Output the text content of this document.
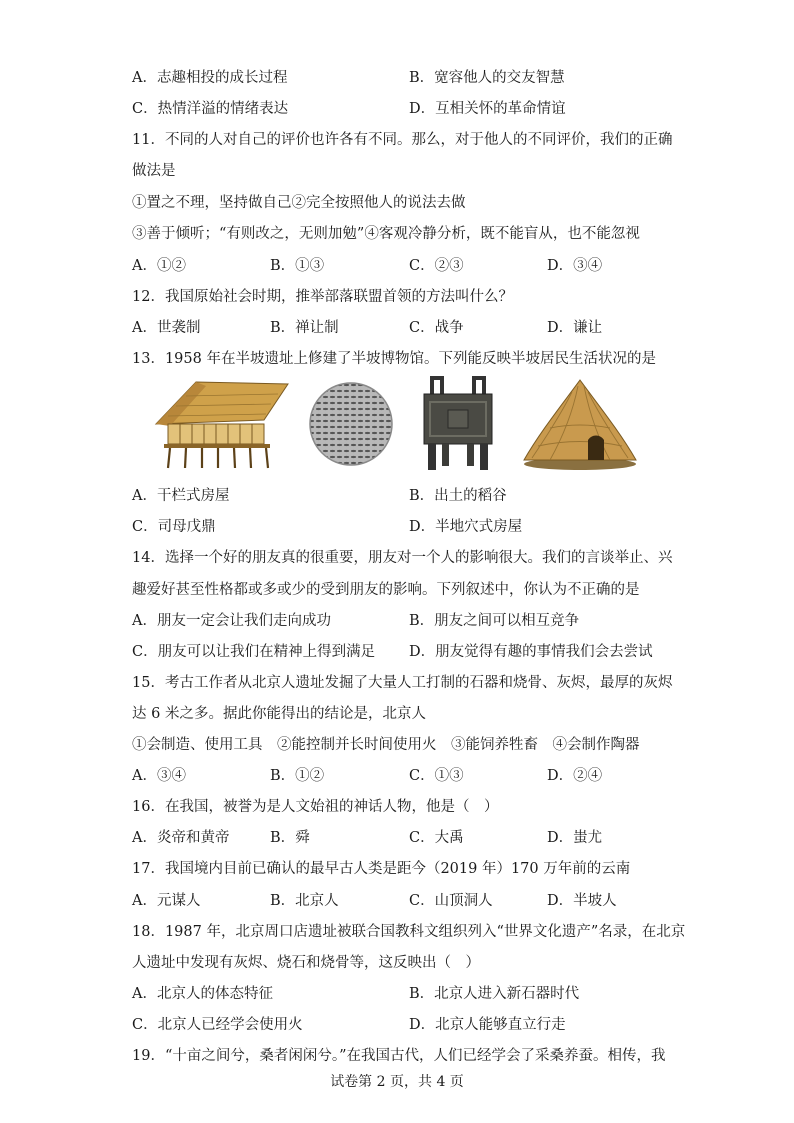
A．志趣相投的成长过程	B．宽容他人的交友智慧
C．热情洋溢的情绪表达	D．互相关怀的革命情谊
11．不同的人对自己的评价也许各有不同。那么，对于他人的不同评价，我们的正确
做法是
①置之不理，坚持做自己②完全按照他人的说法去做
③善于倾听；“有则改之，无则加勉”④客观冷静分析，既不能盲从，也不能忽视
A．①②	B．①③	C．②③	D．③④
12．我国原始社会时期，推举部落联盟首领的方法叫什么？
A．世袭制	B．禅让制	C．战争	D．谦让
13．1958 年在半坡遗址上修建了半坡博物馆。下列能反映半坡居民生活状况的是
A．干栏式房屋	B．出土的稻谷
C．司母戊鼎	D．半地穴式房屋
14．选择一个好的朋友真的很重要，朋友对一个人的影响很大。我们的言谈举止、兴
趣爱好甚至性格都或多或少的受到朋友的影响。下列叙述中，你认为不正确的是
A．朋友一定会让我们走向成功	B．朋友之间可以相互竞争
C．朋友可以让我们在精神上得到满足 D．朋友觉得有趣的事情我们会去尝试
15．考古工作者从北京人遗址发掘了大量人工打制的石器和烧骨、灰烬，最厚的灰烬
达 6 米之多。据此你能得出的结论是，北京人
①会制造、使用工具　②能控制并长时间使用火　③能饲养牲畜　④会制作陶器
A．③④	B．①②	C．①③	D．②④
16．在我国，被誉为是人文始祖的神话人物，他是（　）
A．炎帝和黄帝	B．舜	C．大禹	D．蚩尤
17．我国境内目前已确认的最早古人类是距今（2019 年）170 万年前的云南
A．元谋人	B．北京人	C．山顶洞人	D．半坡人
18．1987 年，北京周口店遗址被联合国教科文组织列入“世界文化遗产”名录，在北京
人遗址中发现有灰烬、烧石和烧骨等，这反映出（　）
A．北京人的体态特征	B．北京人进入新石器时代
C．北京人已经学会使用火	D．北京人能够直立行走
19．“十亩之间兮，桑者闲闲兮。”在我国古代，人们已经学会了采桑养蚕。相传，我
试卷第 2 页，共 4 页
